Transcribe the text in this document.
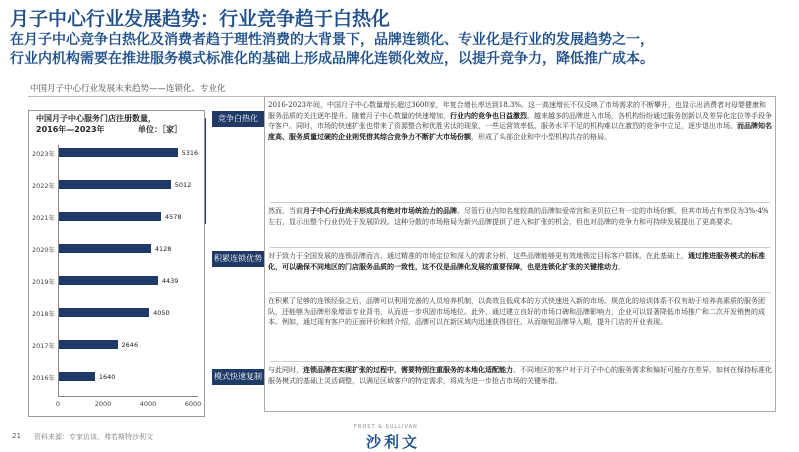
月子中心行业发展趋势：行业竞争趋于白热化
在月子中心竞争白热化及消费者趋于理性消费的大背景下，品牌连锁化、专业化是行业的发展趋势之一，
行业内机构需要在推进服务模式标准化的基础上形成品牌化连锁化效应，以提升竞争力，降低推广成本。
中国月子中心行业发展未来趋势——连锁化、专业化
中国月子中心服务门店注册数量，
2016年—2023年	单位：［家］
2023年	5316
2022年	5012
2021年	4578
2020年	4128
2019年	4439
2018年	4050
2017年	2646
2016年	1640
0	2000	4000	6000
竞争白热化
积累连锁优势
模式快速复制
2016-2023年间，中国月子中心数量增长超过3600家，年复合增长率达到18.3%。这一高速增长不仅反映了市场需求的不断攀升，也显示出消费者对母婴健康和服务品质的关注逐年提升。随着月子中心数量的快速增加，行业内的竞争也日益激烈。越来越多的品牌进入市场，各机构纷纷通过服务创新以及差异化定位等手段争夺客户。同时，市场的快速扩张也带来了资源整合和优胜劣汰的现象，一些运营效率低、服务水平不足的机构难以在激烈的竞争中立足，逐步退出市场。而品牌知名度高、服务质量过硬的企业则凭借其综合竞争力不断扩大市场份额，形成了头部企业和中小型机构共存的格局。
然而，当前月子中心行业尚未形成具有绝对市场统治力的品牌。尽管行业内知名度较高的品牌如爱帝宫和圣贝拉已有一定的市场份额，但其市场占有率仅为3%-4%左右，显示出整个行业仍处于发展阶段。这种分散的市场格局为新兴品牌提供了进入和扩张的机会，但也对品牌的竞争力和可持续发展提出了更高要求。
对于致力于全国发展的连锁品牌而言，通过精准的市场定位和深入的需求分析，这些品牌能够更有效地锁定目标客户群体。在此基础上，通过推进服务模式的标准化，可以确保不同地区的门店服务品质的一致性，这不仅是品牌化发展的重要保障，也是连锁化扩张的关键推动力。
在积累了足够的连锁经验之后，品牌可以利用完善的人员培养机制，以高效且低成本的方式快速进入新的市场。规范化的培训体系不仅有助于培养高素质的服务团队，还能够为品牌形象增添专业背书，从而进一步巩固市场地位。此外，通过建立良好的市场口碑和品牌影响力，企业可以显著降低市场推广和二次开发销售的成本。例如，通过现有客户的正面评价和转介绍，品牌可以在新区域内迅速获得信任，从而缩短品牌导入期，提升门店的开业表现。
与此同时，连锁品牌在实现扩张的过程中，需要特别注重服务的本地化适配能力。不同地区的客户对于月子中心的服务需求和偏好可能存在差异，如何在保持标准化服务模式的基础上灵活调整，以满足区域客户的特定需求，将成为进一步抢占市场的关键举措。
21 资料来源：专家访谈，弗若斯特沙利文
FROST & SULLIVAN
沙利文
